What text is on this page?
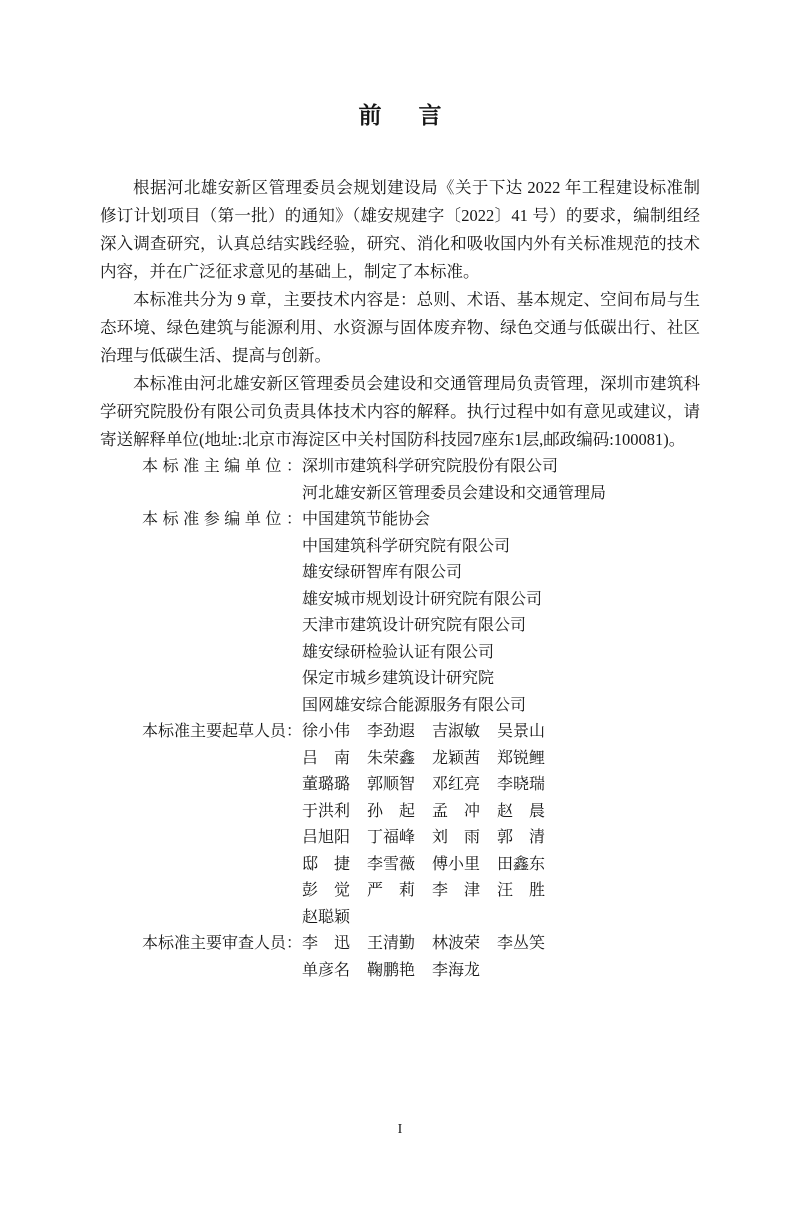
前 言

根据河北雄安新区管理委员会规划建设局《关于下达 2022 年工程建设标准制修订计划项目（第一批）的通知》（雄安规建字〔2022〕41 号）的要求，编制组经深入调查研究，认真总结实践经验，研究、消化和吸收国内外有关标准规范的技术内容，并在广泛征求意见的基础上，制定了本标准。

本标准共分为 9 章，主要技术内容是：总则、术语、基本规定、空间布局与生态环境、绿色建筑与能源利用、水资源与固体废弃物、绿色交通与低碳出行、社区治理与低碳生活、提高与创新。

本标准由河北雄安新区管理委员会建设和交通管理局负责管理，深圳市建筑科学研究院股份有限公司负责具体技术内容的解释。执行过程中如有意见或建议，请寄送解释单位(地址:北京市海淀区中关村国防科技园7座东1层,邮政编码:100081)。

本标准主编单位： 深圳市建筑科学研究院股份有限公司
河北雄安新区管理委员会建设和交通管理局
本标准参编单位： 中国建筑节能协会
中国建筑科学研究院有限公司
雄安绿研智库有限公司
雄安城市规划设计研究院有限公司
天津市建筑设计研究院有限公司
雄安绿研检验认证有限公司
保定市城乡建筑设计研究院
国网雄安综合能源服务有限公司
本标准主要起草人员： 徐小伟 李劲遐 吉淑敏 吴景山
吕南 朱荣鑫 龙颖茜 郑锐鲤
董璐璐 郭顺智 邓红亮 李晓瑞
于洪利 孙起 孟冲 赵晨
吕旭阳 丁福峰 刘雨 郭清
邸捷 李雪薇 傅小里 田鑫东
彭觉 严莉 李津 汪胜
赵聪颖
本标准主要审查人员： 李迅 王清勤 林波荣 李丛笑
单彦名 鞠鹏艳 李海龙
I
